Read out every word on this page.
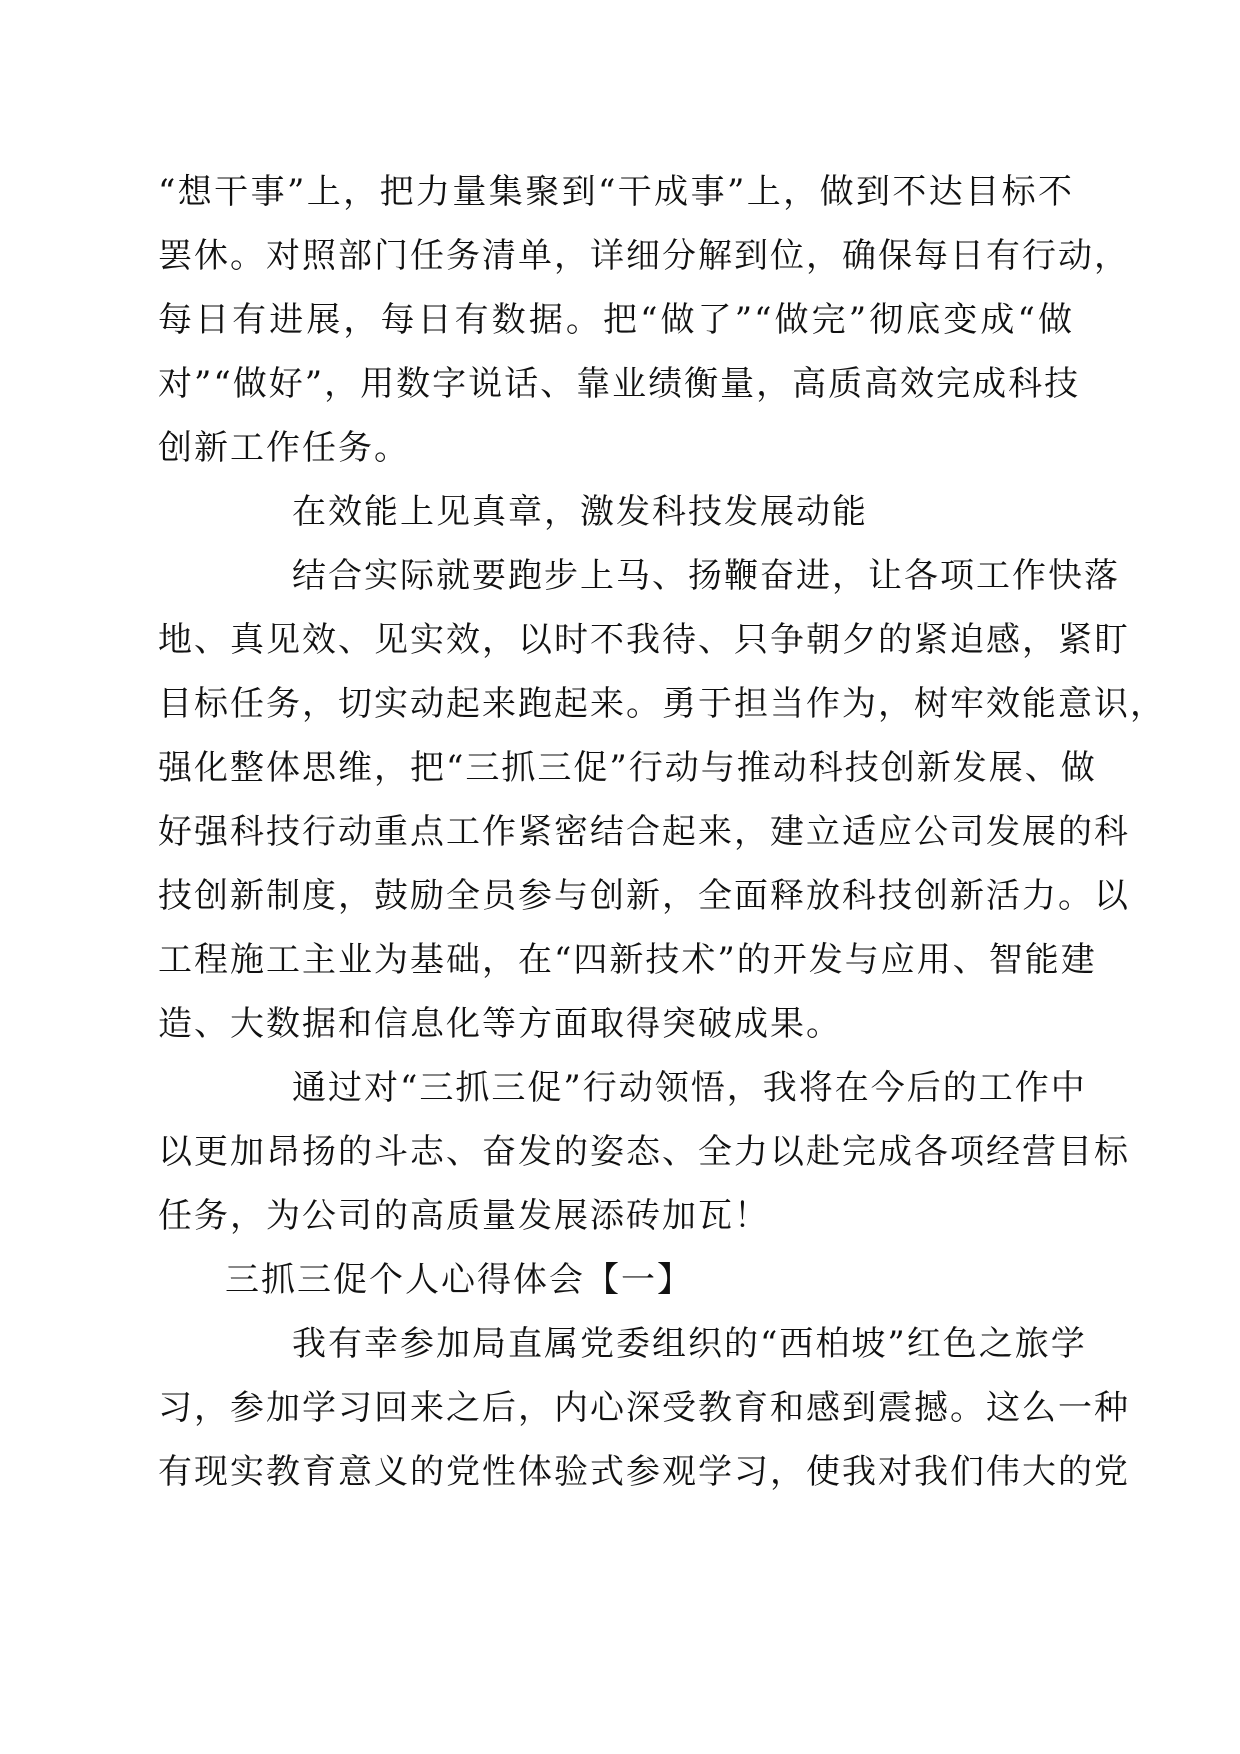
“想干事”上，把力量集聚到“干成事”上，做到不达目标不

罢休。对照部门任务清单，详细分解到位，确保每日有行动，

每日有进展，每日有数据。把“做了”“做完”彻底变成“做

对”“做好”，用数字说话、靠业绩衡量，高质高效完成科技

创新工作任务。

在效能上见真章，激发科技发展动能

结合实际就要跑步上马、扬鞭奋进，让各项工作快落

地、真见效、见实效，以时不我待、只争朝夕的紧迫感，紧盯

目标任务，切实动起来跑起来。勇于担当作为，树牢效能意识，

强化整体思维，把“三抓三促”行动与推动科技创新发展、做

好强科技行动重点工作紧密结合起来，建立适应公司发展的科

技创新制度，鼓励全员参与创新，全面释放科技创新活力。以

工程施工主业为基础，在“四新技术”的开发与应用、智能建

造、大数据和信息化等方面取得突破成果。

通过对“三抓三促”行动领悟，我将在今后的工作中

以更加昂扬的斗志、奋发的姿态、全力以赴完成各项经营目标

任务，为公司的高质量发展添砖加瓦！

三抓三促个人心得体会【一】

我有幸参加局直属党委组织的“西柏坡”红色之旅学

习，参加学习回来之后，内心深受教育和感到震撼。这么一种

有现实教育意义的党性体验式参观学习，使我对我们伟大的党
